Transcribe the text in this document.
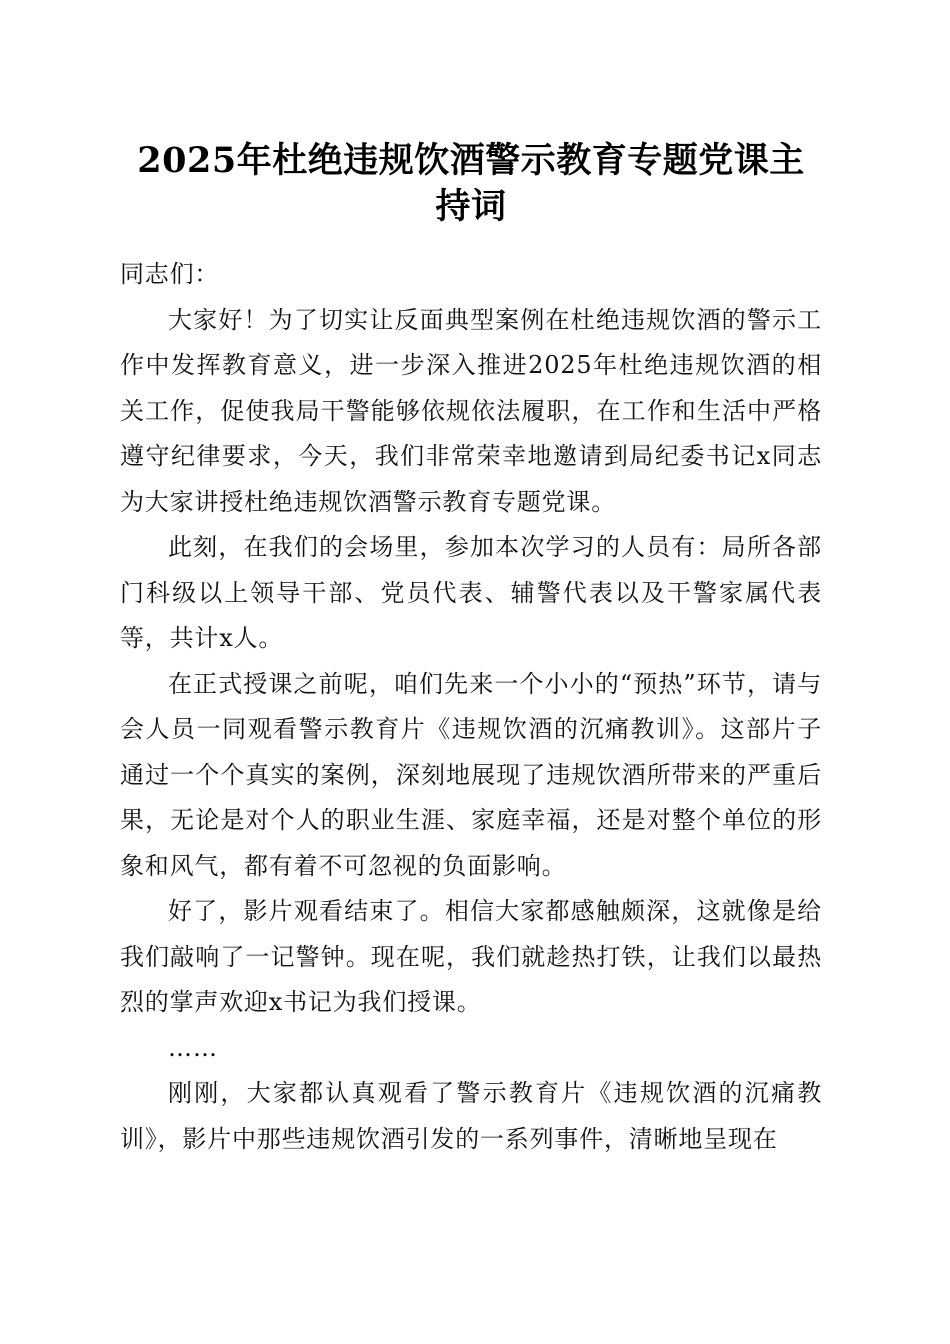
2025年杜绝违规饮酒警示教育专题党课主持词

同志们：

大家好！为了切实让反面典型案例在杜绝违规饮酒的警示工作中发挥教育意义，进一步深入推进2025年杜绝违规饮酒的相关工作，促使我局干警能够依规依法履职，在工作和生活中严格遵守纪律要求，今天，我们非常荣幸地邀请到局纪委书记x同志为大家讲授杜绝违规饮酒警示教育专题党课。

此刻，在我们的会场里，参加本次学习的人员有：局所各部门科级以上领导干部、党员代表、辅警代表以及干警家属代表等，共计x人。

在正式授课之前呢，咱们先来一个小小的“预热”环节，请与会人员一同观看警示教育片《违规饮酒的沉痛教训》。这部片子通过一个个真实的案例，深刻地展现了违规饮酒所带来的严重后果，无论是对个人的职业生涯、家庭幸福，还是对整个单位的形象和风气，都有着不可忽视的负面影响。

好了，影片观看结束了。相信大家都感触颇深，这就像是给我们敲响了一记警钟。现在呢，我们就趁热打铁，让我们以最热烈的掌声欢迎x书记为我们授课。

……

刚刚，大家都认真观看了警示教育片《违规饮酒的沉痛教训》，影片中那些违规饮酒引发的一系列事件，清晰地呈现在
